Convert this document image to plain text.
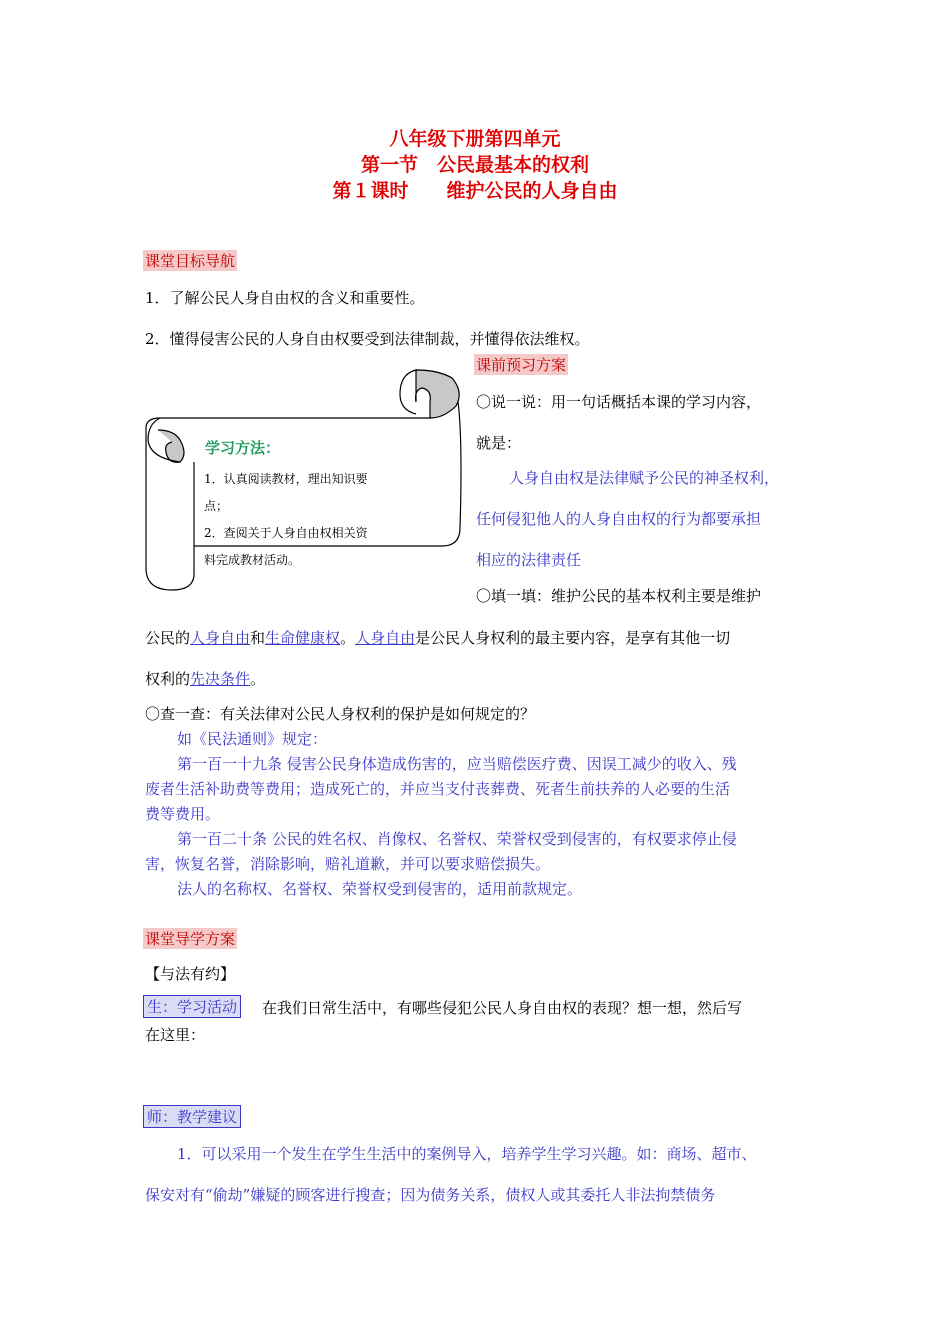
八年级下册第四单元
第一节　公民最基本的权利
第１课时　　维护公民的人身自由
课堂目标导航
1．了解公民人身自由权的含义和重要性。
2．懂得侵害公民的人身自由权要受到法律制裁，并懂得依法维权。
学习方法：
1．认真阅读教材，理出知识要
点；
2．查阅关于人身自由权相关资
料完成教材活动。
课前预习方案
〇说一说：用一句话概括本课的学习内容，
就是：
人身自由权是法律赋予公民的神圣权利，
任何侵犯他人的人身自由权的行为都要承担
相应的法律责任
〇填一填：维护公民的基本权利主要是维护
公民的人身自由和生命健康权。人身自由是公民人身权利的最主要内容，是享有其他一切
权利的先决条件。
〇查一查：有关法律对公民人身权利的保护是如何规定的？
如《民法通则》规定：
第一百一十九条 侵害公民身体造成伤害的，应当赔偿医疗费、因误工减少的收入、残
废者生活补助费等费用；造成死亡的，并应当支付丧葬费、死者生前扶养的人必要的生活
费等费用。
第一百二十条 公民的姓名权、肖像权、名誉权、荣誉权受到侵害的，有权要求停止侵
害，恢复名誉，消除影响，赔礼道歉，并可以要求赔偿损失。
法人的名称权、名誉权、荣誉权受到侵害的，适用前款规定。
课堂导学方案
【与法有约】
生：学习活动 在我们日常生活中，有哪些侵犯公民人身自由权的表现？想一想，然后写
在这里：
师：教学建议
1．可以采用一个发生在学生生活中的案例导入，培养学生学习兴趣。如：商场、超市、
保安对有“偷劫”嫌疑的顾客进行搜查；因为债务关系，债权人或其委托人非法拘禁债务
